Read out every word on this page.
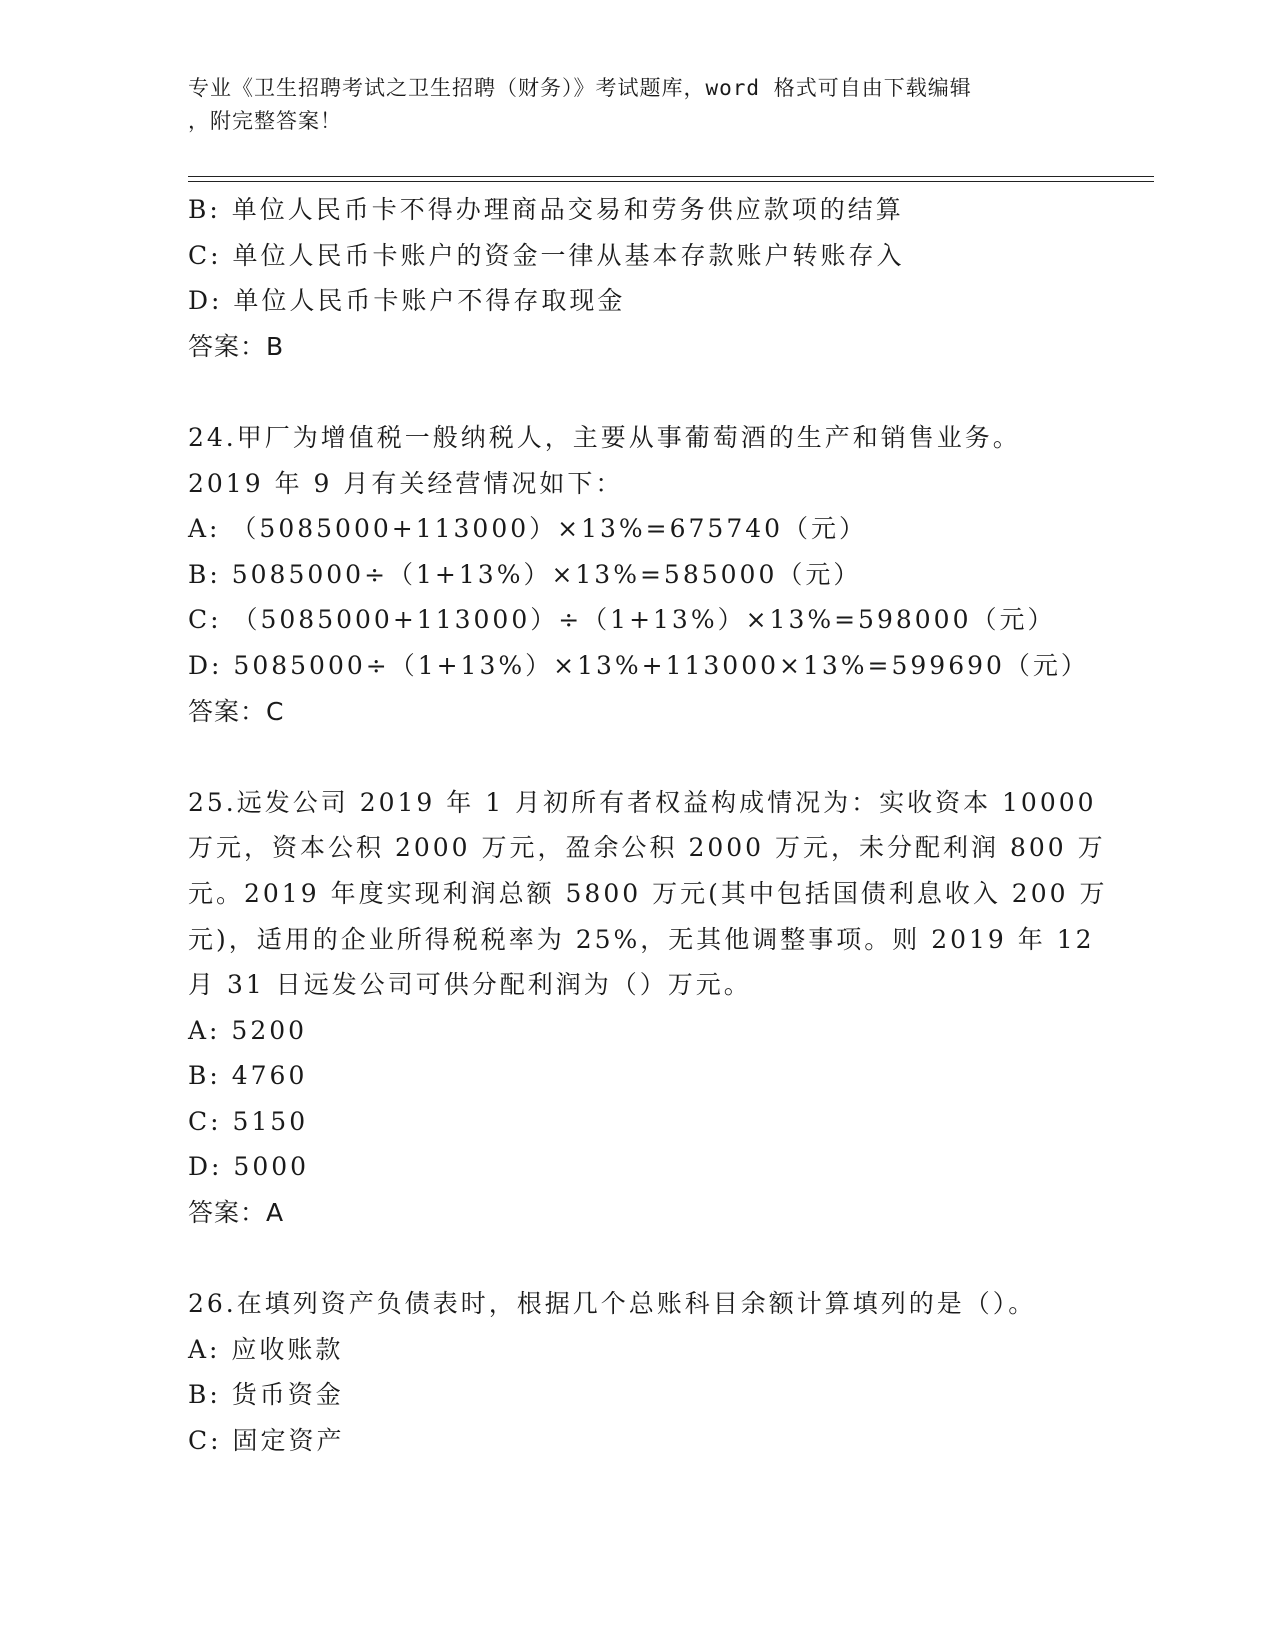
专业《卫生招聘考试之卫生招聘（财务）》考试题库，word 格式可自由下载编辑
，附完整答案！
B: 单位人民币卡不得办理商品交易和劳务供应款项的结算
C: 单位人民币卡账户的资金一律从基本存款账户转账存入
D: 单位人民币卡账户不得存取现金
答案：B
24.甲厂为增值税一般纳税人，主要从事葡萄酒的生产和销售业务。
2019 年 9 月有关经营情况如下：
A: （5085000+113000）×13%=675740（元）
B: 5085000÷（1+13%）×13%=585000（元）
C: （5085000+113000）÷（1+13%）×13%=598000（元）
D: 5085000÷（1+13%）×13%+113000×13%=599690（元）
答案：C
25.远发公司 2019 年 1 月初所有者权益构成情况为：实收资本 10000
万元，资本公积 2000 万元，盈余公积 2000 万元，未分配利润 800 万
元。2019 年度实现利润总额 5800 万元(其中包括国债利息收入 200 万
元)，适用的企业所得税税率为 25%，无其他调整事项。则 2019 年 12
月 31 日远发公司可供分配利润为（）万元。
A: 5200
B: 4760
C: 5150
D: 5000
答案：A
26.在填列资产负债表时，根据几个总账科目余额计算填列的是（）。
A: 应收账款
B: 货币资金
C: 固定资产
